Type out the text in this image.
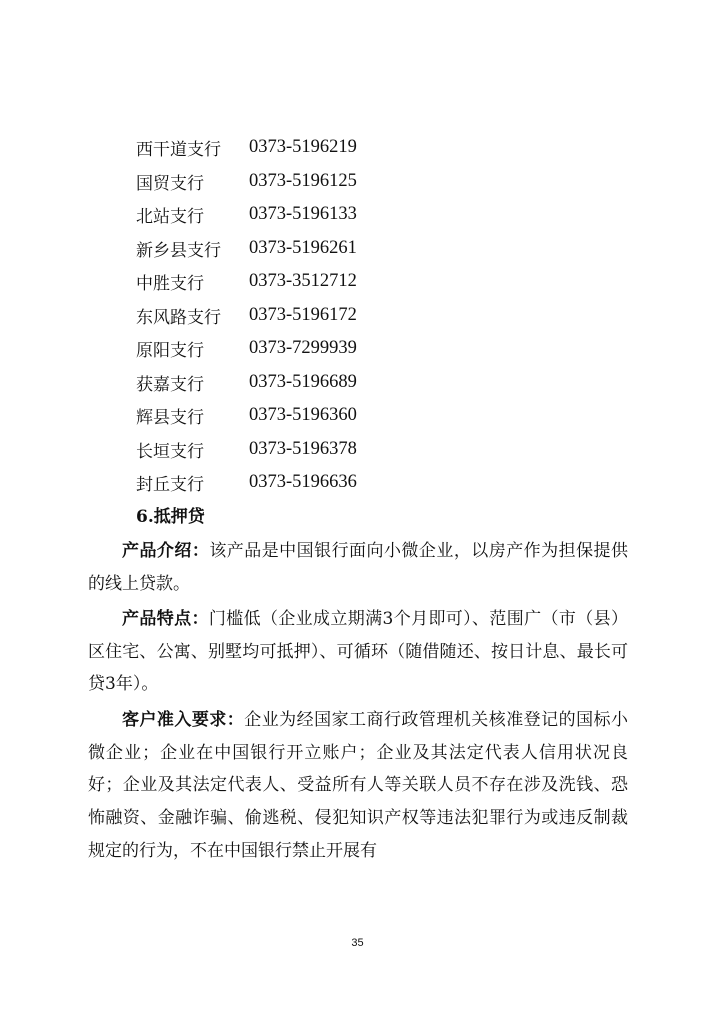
西干道支行	0373-5196219
国贸支行	0373-5196125
北站支行	0373-5196133
新乡县支行	0373-5196261
中胜支行	0373-3512712
东风路支行	0373-5196172
原阳支行	0373-7299939
获嘉支行	0373-5196689
辉县支行	0373-5196360
长垣支行	0373-5196378
封丘支行	0373-5196636
6.抵押贷

产品介绍：该产品是中国银行面向小微企业，以房产作为担保提供的线上贷款。

产品特点：门槛低（企业成立期满3个月即可）、范围广（市（县）区住宅、公寓、别墅均可抵押）、可循环（随借随还、按日计息、最长可贷3年）。

客户准入要求：企业为经国家工商行政管理机关核准登记的国标小微企业；企业在中国银行开立账户；企业及其法定代表人信用状况良好；企业及其法定代表人、受益所有人等关联人员不存在涉及洗钱、恐怖融资、金融诈骗、偷逃税、侵犯知识产权等违法犯罪行为或违反制裁规定的行为，不在中国银行禁止开展有

35
